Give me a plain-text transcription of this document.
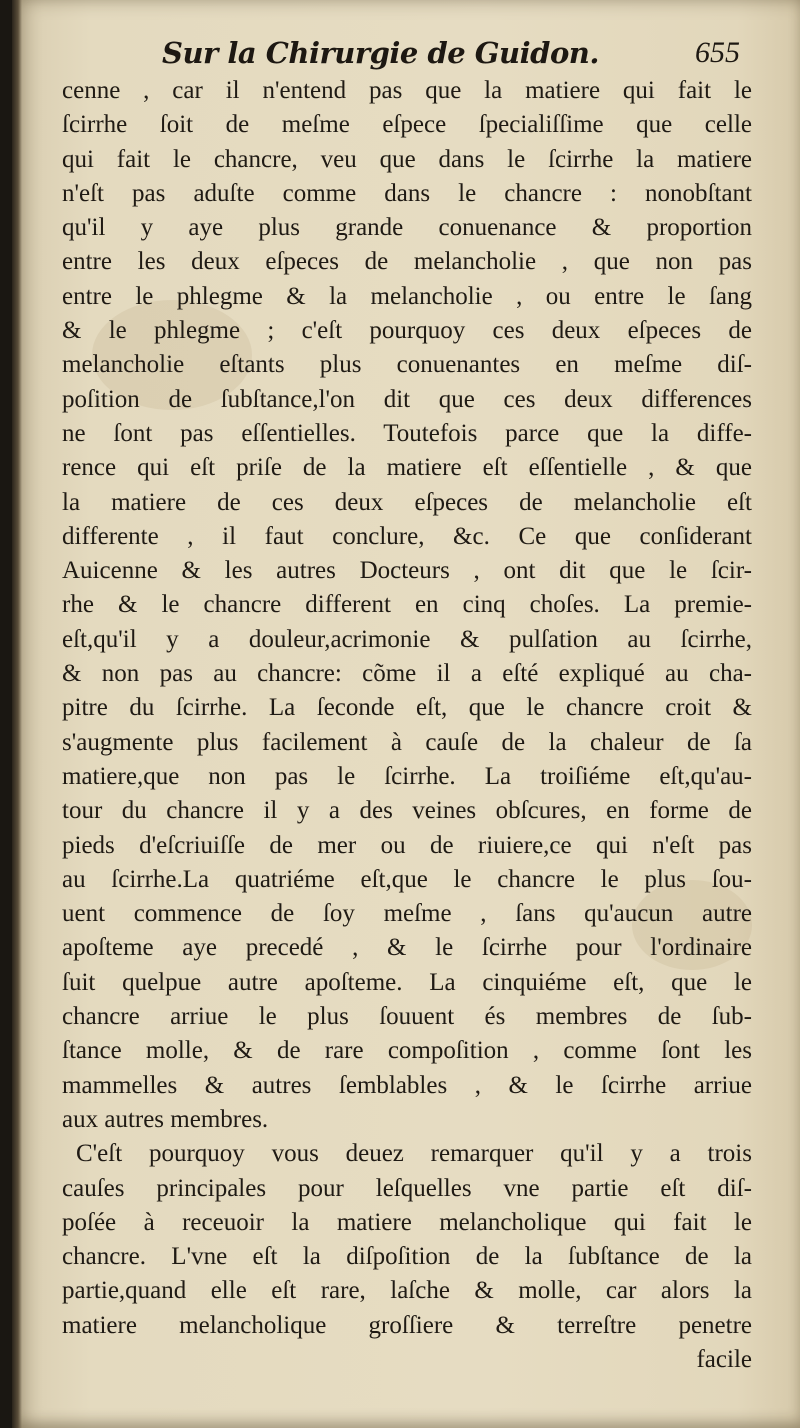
Sur la Chirurgie de Guidon.	655
cenne , car il n'entend pas que la matiere qui fait le
ſcirrhe ſoit de meſme eſpece ſpecialiſſime que celle
qui fait le chancre, veu que dans le ſcirrhe la matiere
n'eſt pas aduſte comme dans le chancre : nonobſtant
qu'il y aye plus grande conuenance & proportion
entre les deux eſpeces de melancholie , que non pas
entre le phlegme & la melancholie , ou entre le ſang
& le phlegme ; c'eſt pourquoy ces deux eſpeces de
melancholie eſtants plus conuenantes en meſme diſ-
poſition de ſubſtance,l'on dit que ces deux differences
ne ſont pas eſſentielles. Toutefois parce que la diffe-
rence qui eſt priſe de la matiere eſt eſſentielle , & que
la matiere de ces deux eſpeces de melancholie eſt
differente , il faut conclure, &c. Ce que conſiderant
Auicenne & les autres Docteurs , ont dit que le ſcir-
rhe & le chancre different en cinq choſes. La premie-
eſt,qu'il y a douleur,acrimonie & pulſation au ſcirrhe,
& non pas au chancre: cõme il a eſté expliqué au cha-
pitre du ſcirrhe. La ſeconde eſt, que le chancre croit &
s'augmente plus facilement à cauſe de la chaleur de ſa
matiere,que non pas le ſcirrhe. La troiſiéme eſt,qu'au-
tour du chancre il y a des veines obſcures, en forme de
pieds d'eſcriuiſſe de mer ou de riuiere,ce qui n'eſt pas
au ſcirrhe.La quatriéme eſt,que le chancre le plus ſou-
uent commence de ſoy meſme , ſans qu'aucun autre
apoſteme aye precedé , & le ſcirrhe pour l'ordinaire
ſuit quelpue autre apoſteme. La cinquiéme eſt, que le
chancre arriue le plus ſouuent és membres de ſub-
ſtance molle, & de rare compoſition , comme ſont les
mammelles & autres ſemblables , & le ſcirrhe arriue
aux autres membres.
C'eſt pourquoy vous deuez remarquer qu'il y a trois
cauſes principales pour leſquelles vne partie eſt diſ-
poſée à receuoir la matiere melancholique qui fait le
chancre. L'vne eſt la diſpoſition de la ſubſtance de la
partie,quand elle eſt rare, laſche & molle, car alors la
matiere melancholique groſſiere & terreſtre penetre
facile
